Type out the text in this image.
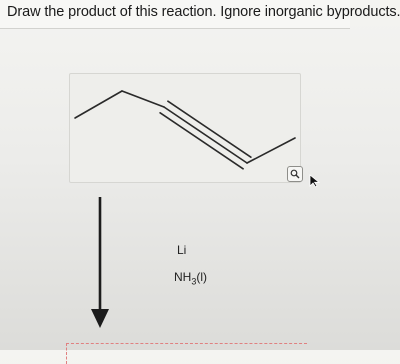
Draw the product of this reaction. Ignore inorganic byproducts.
Li
$NH_3(l)$
